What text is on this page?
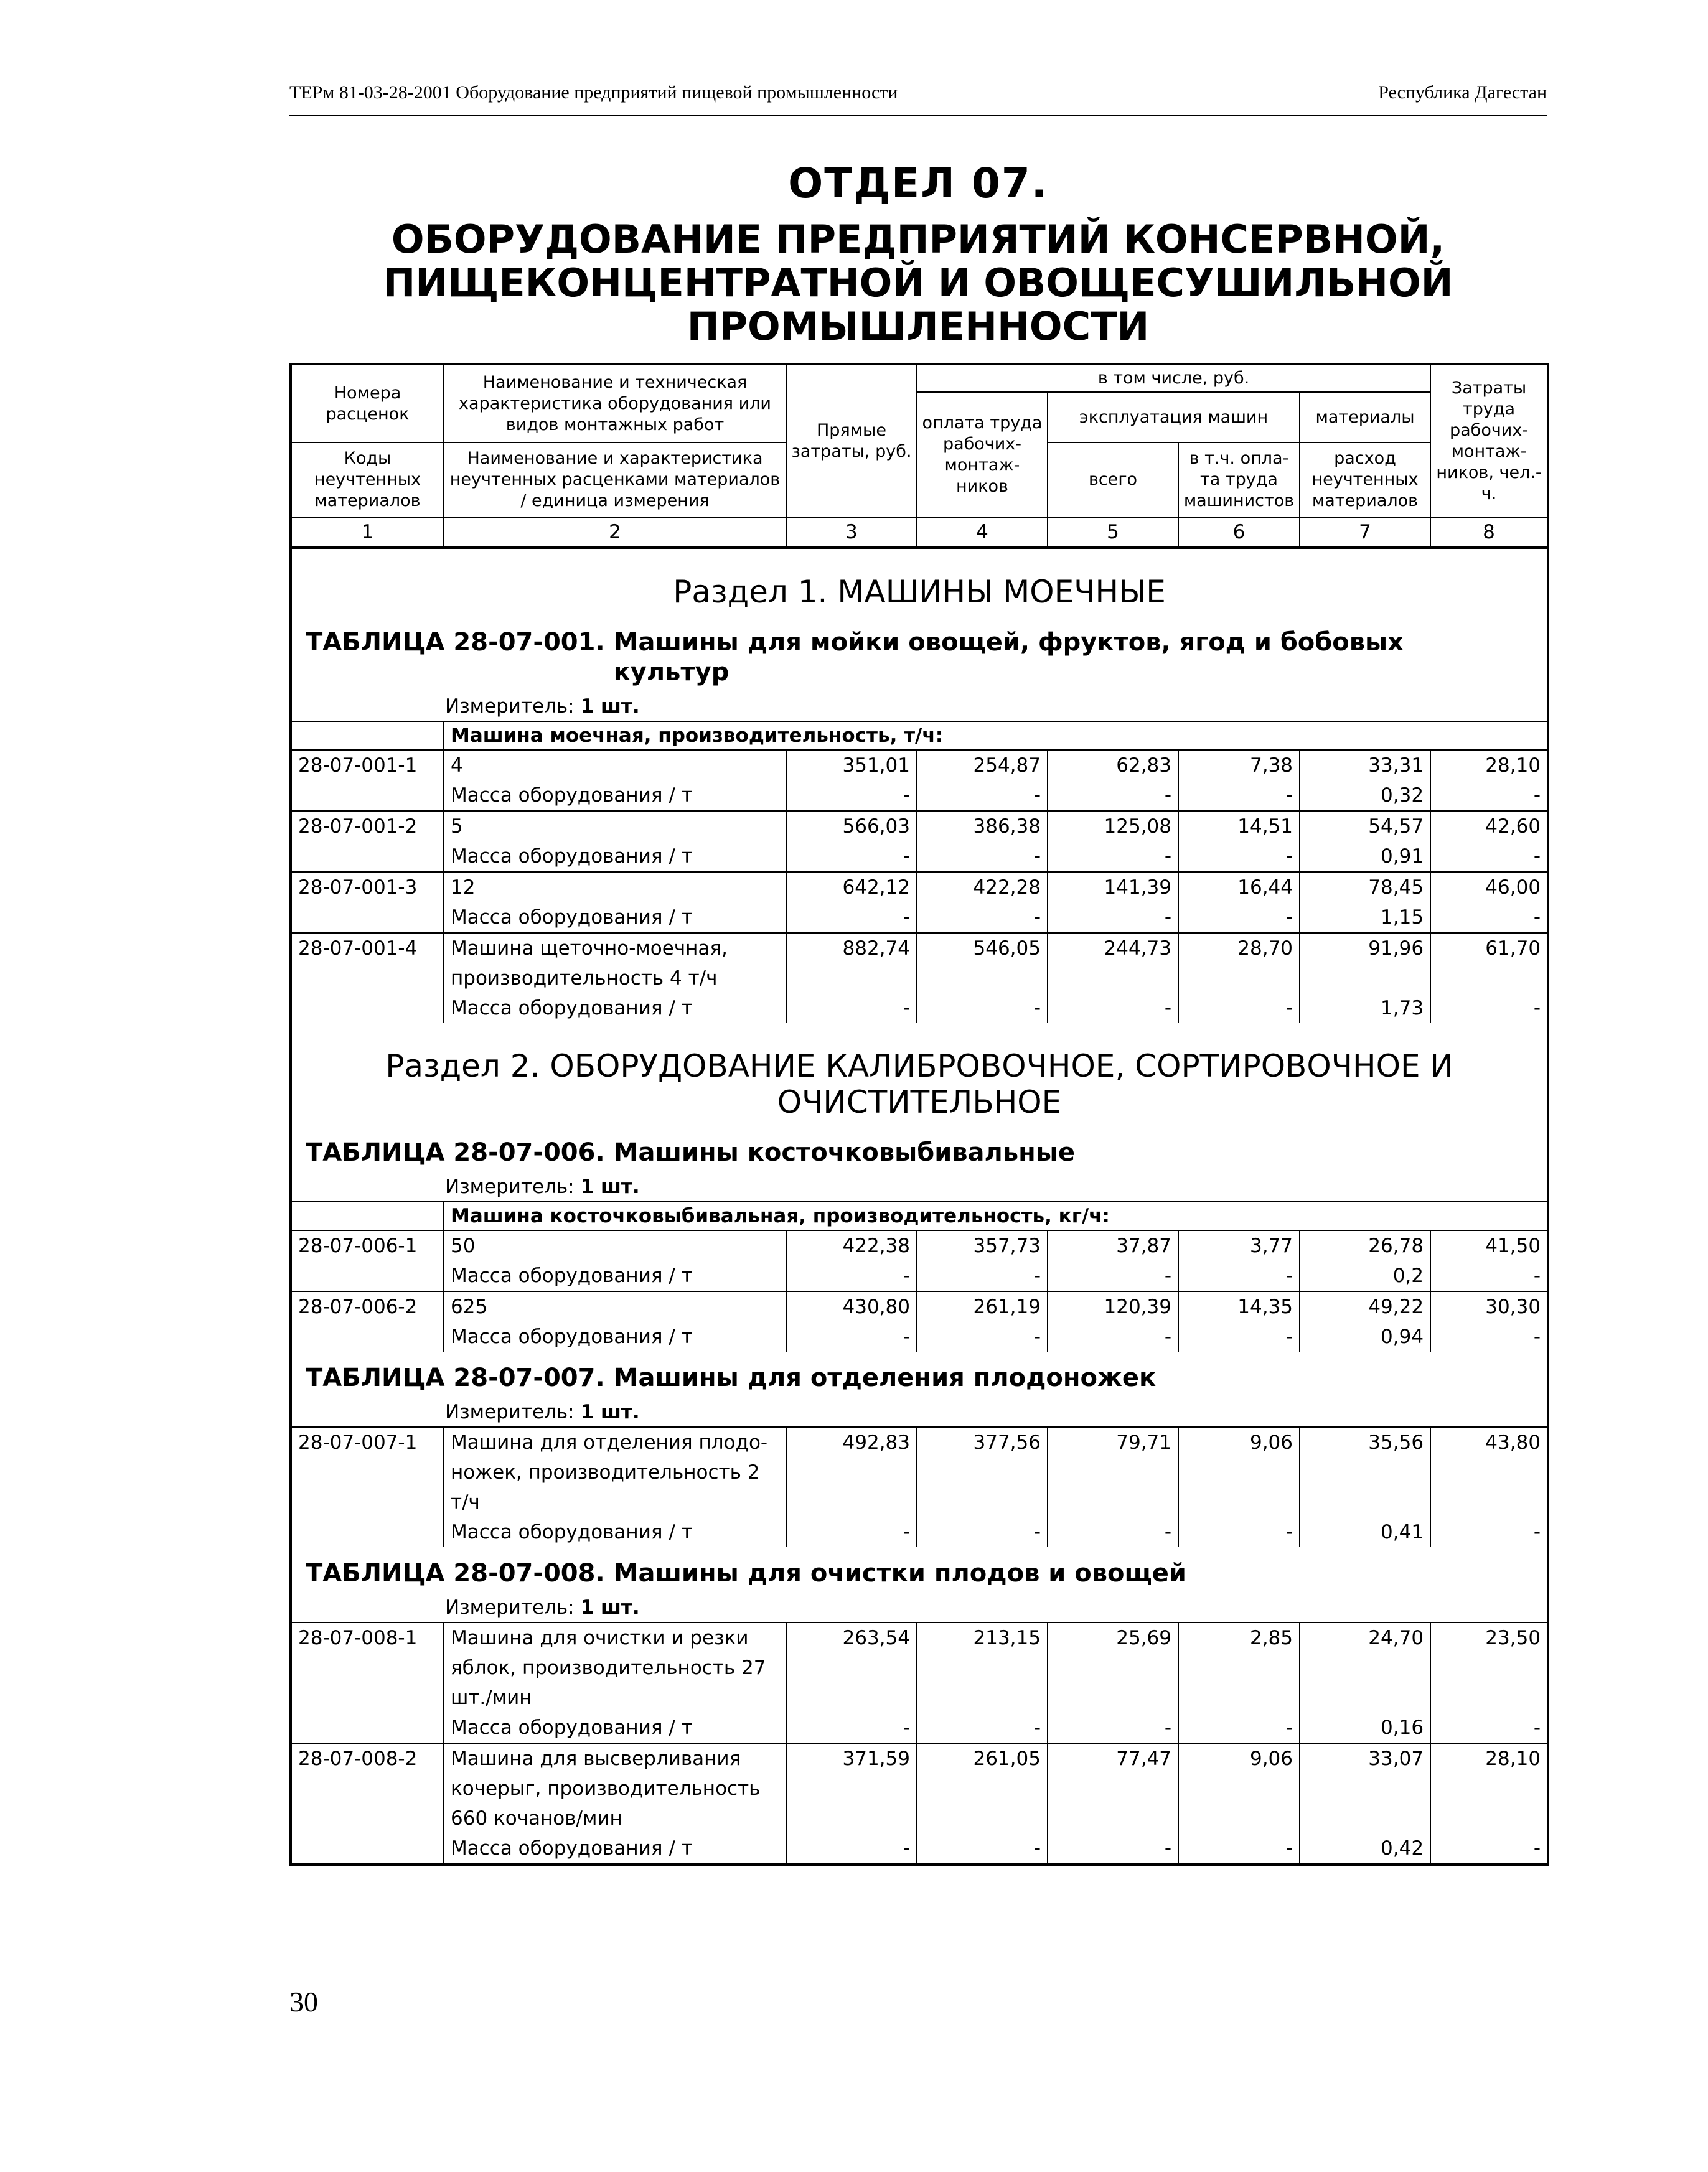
ТЕРм 81-03-28-2001 Оборудование предприятий пищевой промышленности	Республика Дагестан
ОТДЕЛ 07.
ОБОРУДОВАНИЕ ПРЕДПРИЯТИЙ КОНСЕРВНОЙ,
ПИЩЕКОНЦЕНТРАТНОЙ И ОВОЩЕСУШИЛЬНОЙ
ПРОМЫШЛЕННОСТИ
Номера расценок	Наименование и техническая характеристика оборудования или видов монтажных работ	Прямые затраты, руб.	в том числе, руб.				Затраты труда рабочих-монтаж-ников, чел.-ч.
			оплата труда рабочих-монтаж-ников	эксплуатация машин		материалы	
Коды неучтенных материалов	Наименование и характеристика неучтенных расценками материалов / единица измерения			всего	в т.ч. опла-та труда машинистов	расход неучтенных материалов	

1	2	3	4	5	6	7	8
Раздел 1. МАШИНЫ МОЕЧНЫЕ							
ТАБЛИЦА 28-07-001. Машины для мойки овощей, фруктов, ягод и бобовых культур							
Измеритель: 1 шт.							
	Машина моечная, производительность, т/ч:						
28-07-001-1	4	351,01	254,87	62,83	7,38	33,31	28,10
	Масса оборудования / т	-	-	-	-	0,32	-
28-07-001-2	5	566,03	386,38	125,08	14,51	54,57	42,60
	Масса оборудования / т	-	-	-	-	0,91	-
28-07-001-3	12	642,12	422,28	141,39	16,44	78,45	46,00
	Масса оборудования / т	-	-	-	-	1,15	-
28-07-001-4	Машина щеточно-моечная, производительность 4 т/ч	882,74	546,05	244,73	28,70	91,96	61,70
	Масса оборудования / т	-	-	-	-	1,73	-
Раздел 2. ОБОРУДОВАНИЕ КАЛИБРОВОЧНОЕ, СОРТИРОВОЧНОЕ И ОЧИСТИТЕЛЬНОЕ							
ТАБЛИЦА 28-07-006. Машины косточковыбивальные							
Измеритель: 1 шт.							
	Машина косточковыбивальная, производительность, кг/ч:						
28-07-006-1	50	422,38	357,73	37,87	3,77	26,78	41,50
	Масса оборудования / т	-	-	-	-	0,2	-
28-07-006-2	625	430,80	261,19	120,39	14,35	49,22	30,30
	Масса оборудования / т	-	-	-	-	0,94	-
ТАБЛИЦА 28-07-007. Машины для отделения плодоножек							
Измеритель: 1 шт.							
28-07-007-1	Машина для отделения плодо-ножек, производительность 2 т/ч	492,83	377,56	79,71	9,06	35,56	43,80
	Масса оборудования / т	-	-	-	-	0,41	-
ТАБЛИЦА 28-07-008. Машины для очистки плодов и овощей							
Измеритель: 1 шт.							
28-07-008-1	Машина для очистки и резки яблок, производительность 27 шт./мин	263,54	213,15	25,69	2,85	24,70	23,50
	Масса оборудования / т	-	-	-	-	0,16	-
28-07-008-2	Машина для высверливания кочерыг, производительность 660 кочанов/мин	371,59	261,05	77,47	9,06	33,07	28,10
	Масса оборудования / т	-	-	-	-	0,42	-
30
